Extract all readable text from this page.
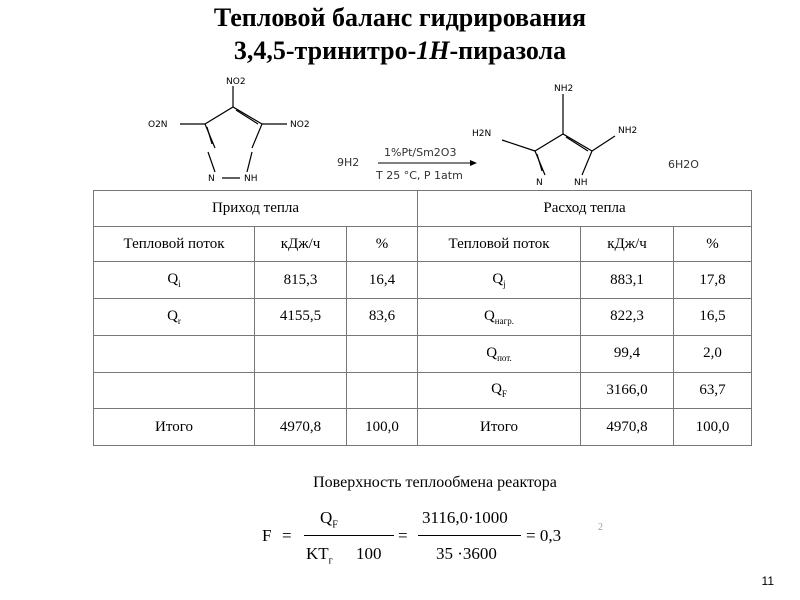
Тепловой баланс гидрирования
3,4,5-тринитро-1H-пиразола
NO2
O2N	NO2
N	NH
NH2
H2N	NH2
N	NH
9H2
1%Pt/Sm2O3
T 25 °C, P 1atm
6H2O
Приход тепла			Расход тепла		
Тепловой поток	кДж/ч	%	Тепловой поток	кДж/ч	%
$Q_i$	815,3	16,4	$Q_j$	883,1	17,8
$Q_r$	4155,5	83,6	$Q_{нагр.}$	822,3	16,5
			$Q_{пот.}$	99,4	2,0
			$Q_F$	3166,0	63,7
Итого	4970,8	100,0	Итого	4970,8	100,0
Поверхность теплообмена реактора
F =
$Q_F$
$KT_г$ 100
=
3116,0·1000
35 ·3600
= 0,3	2
11
